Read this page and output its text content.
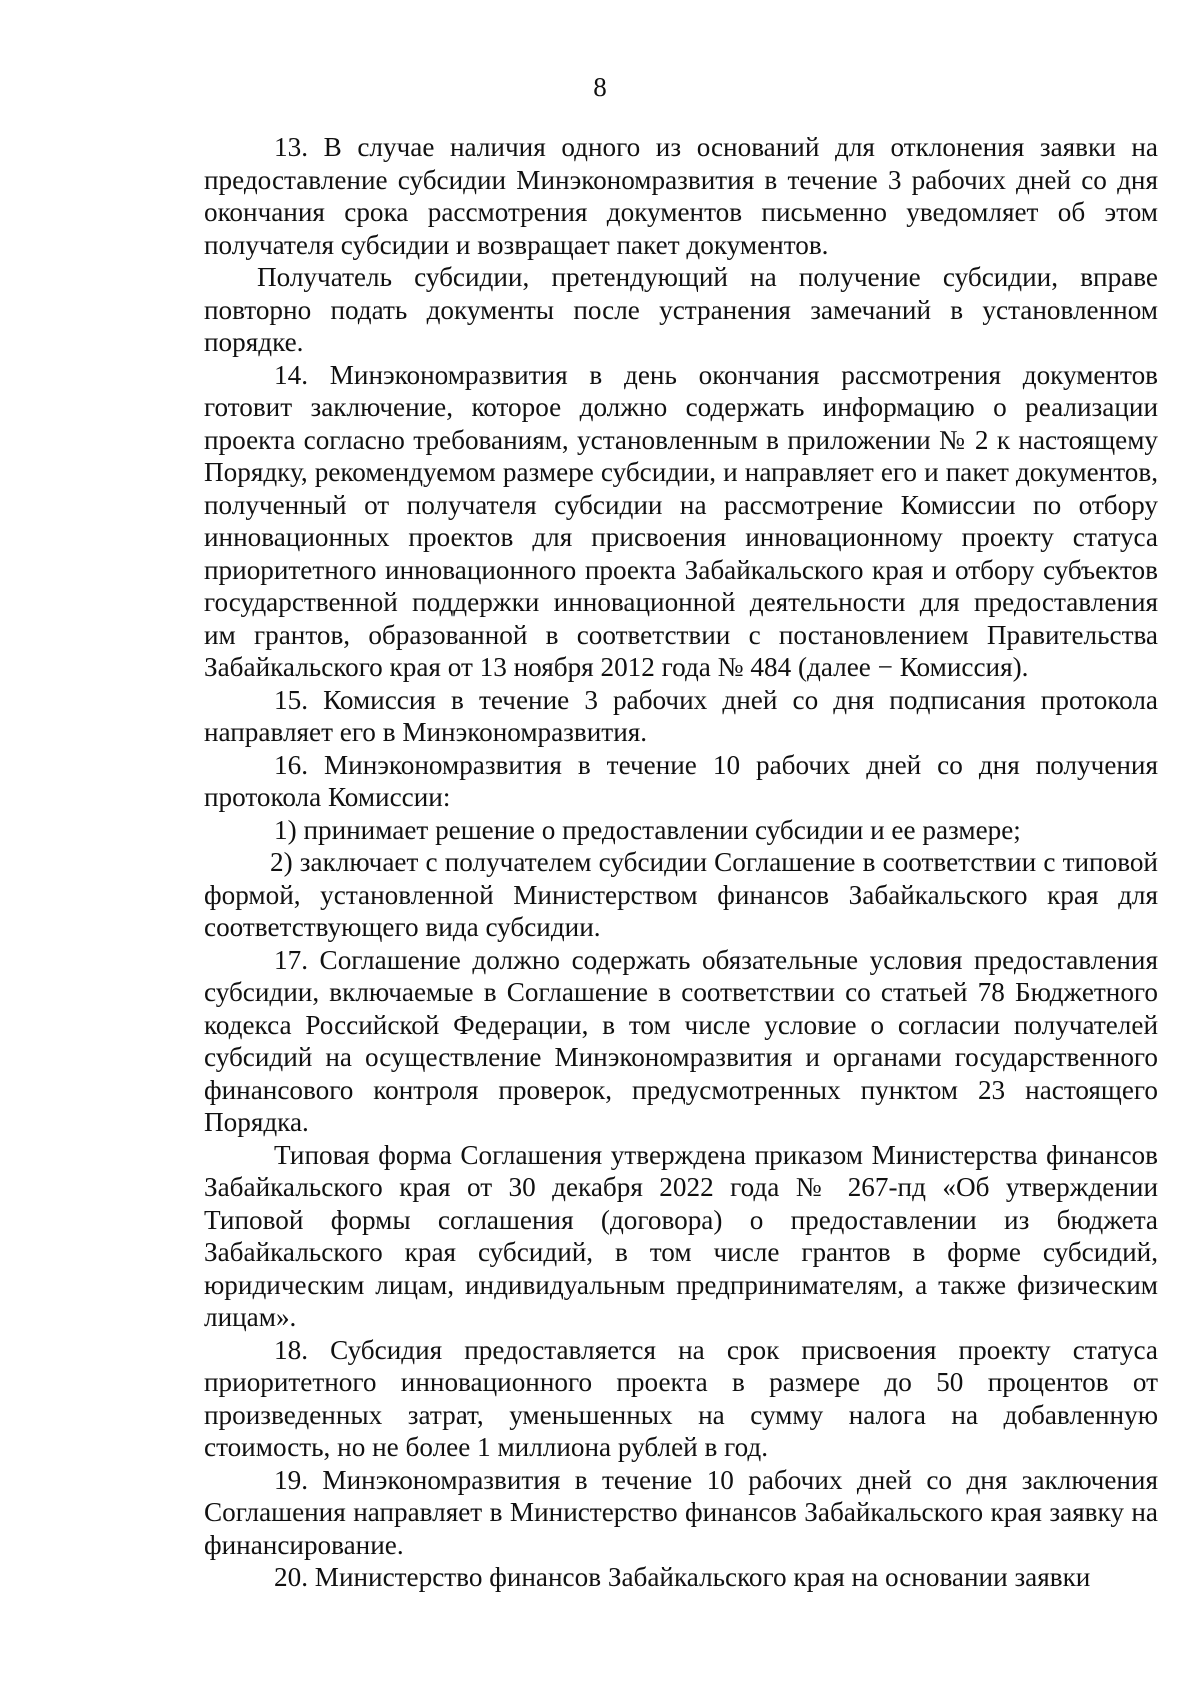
8

13. В случае наличия одного из оснований для отклонения заявки на предоставление субсидии Минэкономразвития в течение 3 рабочих дней со дня окончания срока рассмотрения документов письменно уведомляет об этом получателя субсидии и возвращает пакет документов.

Получатель субсидии, претендующий на получение субсидии, вправе повторно подать документы после устранения замечаний в установленном порядке.

14. Минэкономразвития в день окончания рассмотрения документов готовит заключение, которое должно содержать информацию о реализации проекта согласно требованиям, установленным в приложении № 2 к настоящему Порядку, рекомендуемом размере субсидии, и направляет его и пакет документов, полученный от получателя субсидии на рассмотрение Комиссии по отбору инновационных проектов для присвоения инновационному проекту статуса приоритетного инновационного проекта Забайкальского края и отбору субъектов государственной поддержки инновационной деятельности для предоставления им грантов, образованной в соответствии с постановлением Правительства Забайкальского края от 13 ноября 2012 года № 484 (далее − Комиссия).

15. Комиссия в течение 3 рабочих дней со дня подписания протокола направляет его в Минэкономразвития.

16. Минэкономразвития в течение 10 рабочих дней со дня получения протокола Комиссии:

1) принимает решение о предоставлении субсидии и ее размере;

2) заключает с получателем субсидии Соглашение в соответствии с типовой формой, установленной Министерством финансов Забайкальского края для соответствующего вида субсидии.

17. Соглашение должно содержать обязательные условия предоставления субсидии, включаемые в Соглашение в соответствии со статьей 78 Бюджетного кодекса Российской Федерации, в том числе условие о согласии получателей субсидий на осуществление Минэкономразвития и органами государственного финансового контроля проверок, предусмотренных пунктом 23 настоящего Порядка.

Типовая форма Соглашения утверждена приказом Министерства финансов Забайкальского края от 30 декабря 2022 года № 267-пд «Об утверждении Типовой формы соглашения (договора) о предоставлении из бюджета Забайкальского края субсидий, в том числе грантов в форме субсидий, юридическим лицам, индивидуальным предпринимателям, а также физическим лицам».

18. Субсидия предоставляется на срок присвоения проекту статуса приоритетного инновационного проекта в размере до 50 процентов от произведенных затрат, уменьшенных на сумму налога на добавленную стоимость, но не более 1 миллиона рублей в год.

19. Минэкономразвития в течение 10 рабочих дней со дня заключения Соглашения направляет в Министерство финансов Забайкальского края заявку на финансирование.

20. Министерство финансов Забайкальского края на основании заявки
